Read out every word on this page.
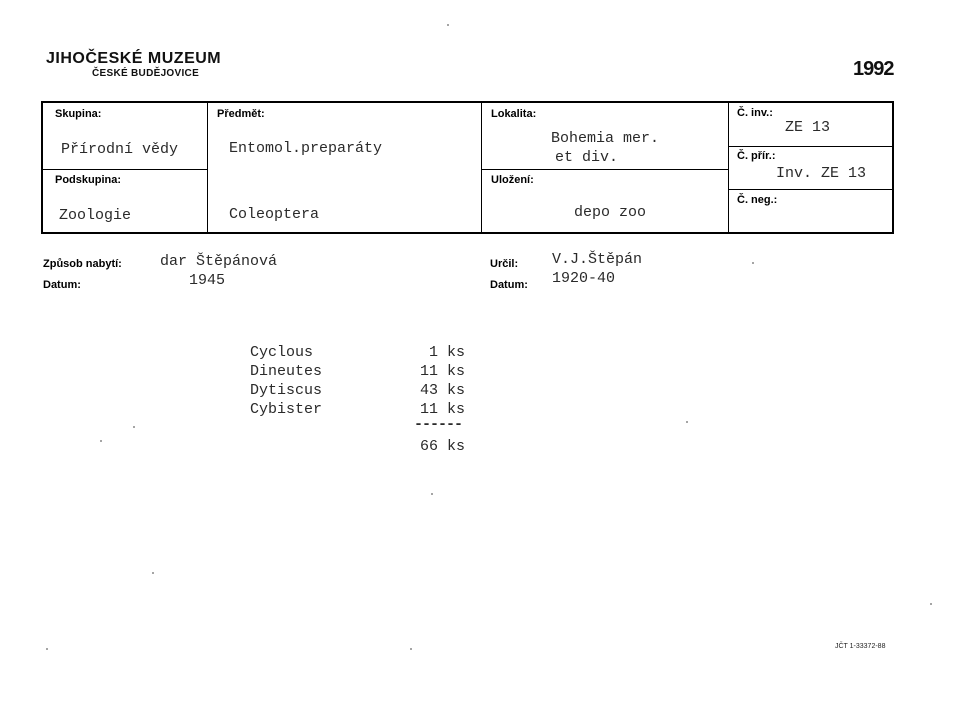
JIHOČESKÉ MUZEUM
ČESKÉ BUDĚJOVICE	1992
Skupina:
Přírodní vědy
Předmět:
Entomol.preparáty
Lokalita:
Bohemia mer.
et div.
Č. inv.:
ZE 13
Č. přír.:
Inv. ZE 13
Č. neg.:
Podskupina:
Zoologie	Coleoptera
Uložení:
depo zoo
Způsob nabytí:	dar Štěpánová
Datum:	1945
Určil: V.J.Štěpán
Datum: 1920-40
Cyclous	1 ks
Dineutes	11 ks
Dytiscus	43 ks
Cybister	11 ks
------
66 ks
JČT 1-33372-88
